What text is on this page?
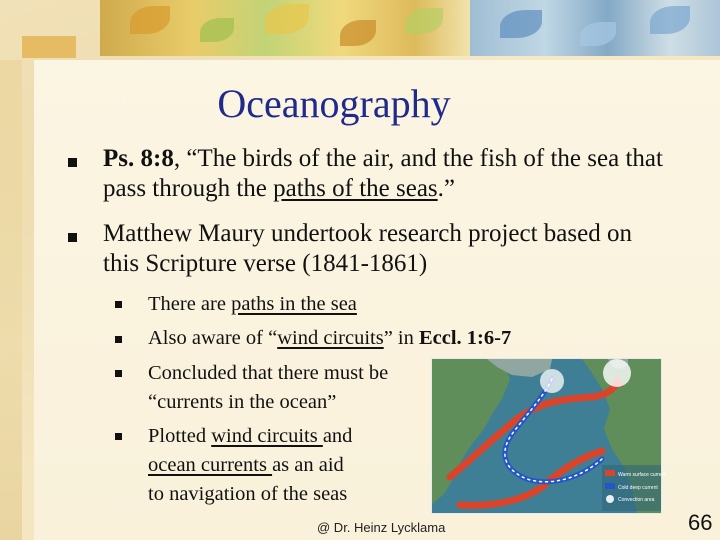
Oceanography
Ps. 8:8, “The birds of the air, and the fish of the sea that pass through the paths of the seas.”
Matthew Maury undertook research project based on this Scripture verse (1841-1861)
There are paths in the sea
Also aware of “wind circuits” in Eccl. 1:6-7
Concluded that there must be
“currents in the ocean”
Plotted wind circuits and
ocean currents as an aid
to navigation of the seas
Warm surface current
Cold deep current
Convection area
@ Dr. Heinz Lycklama	66
